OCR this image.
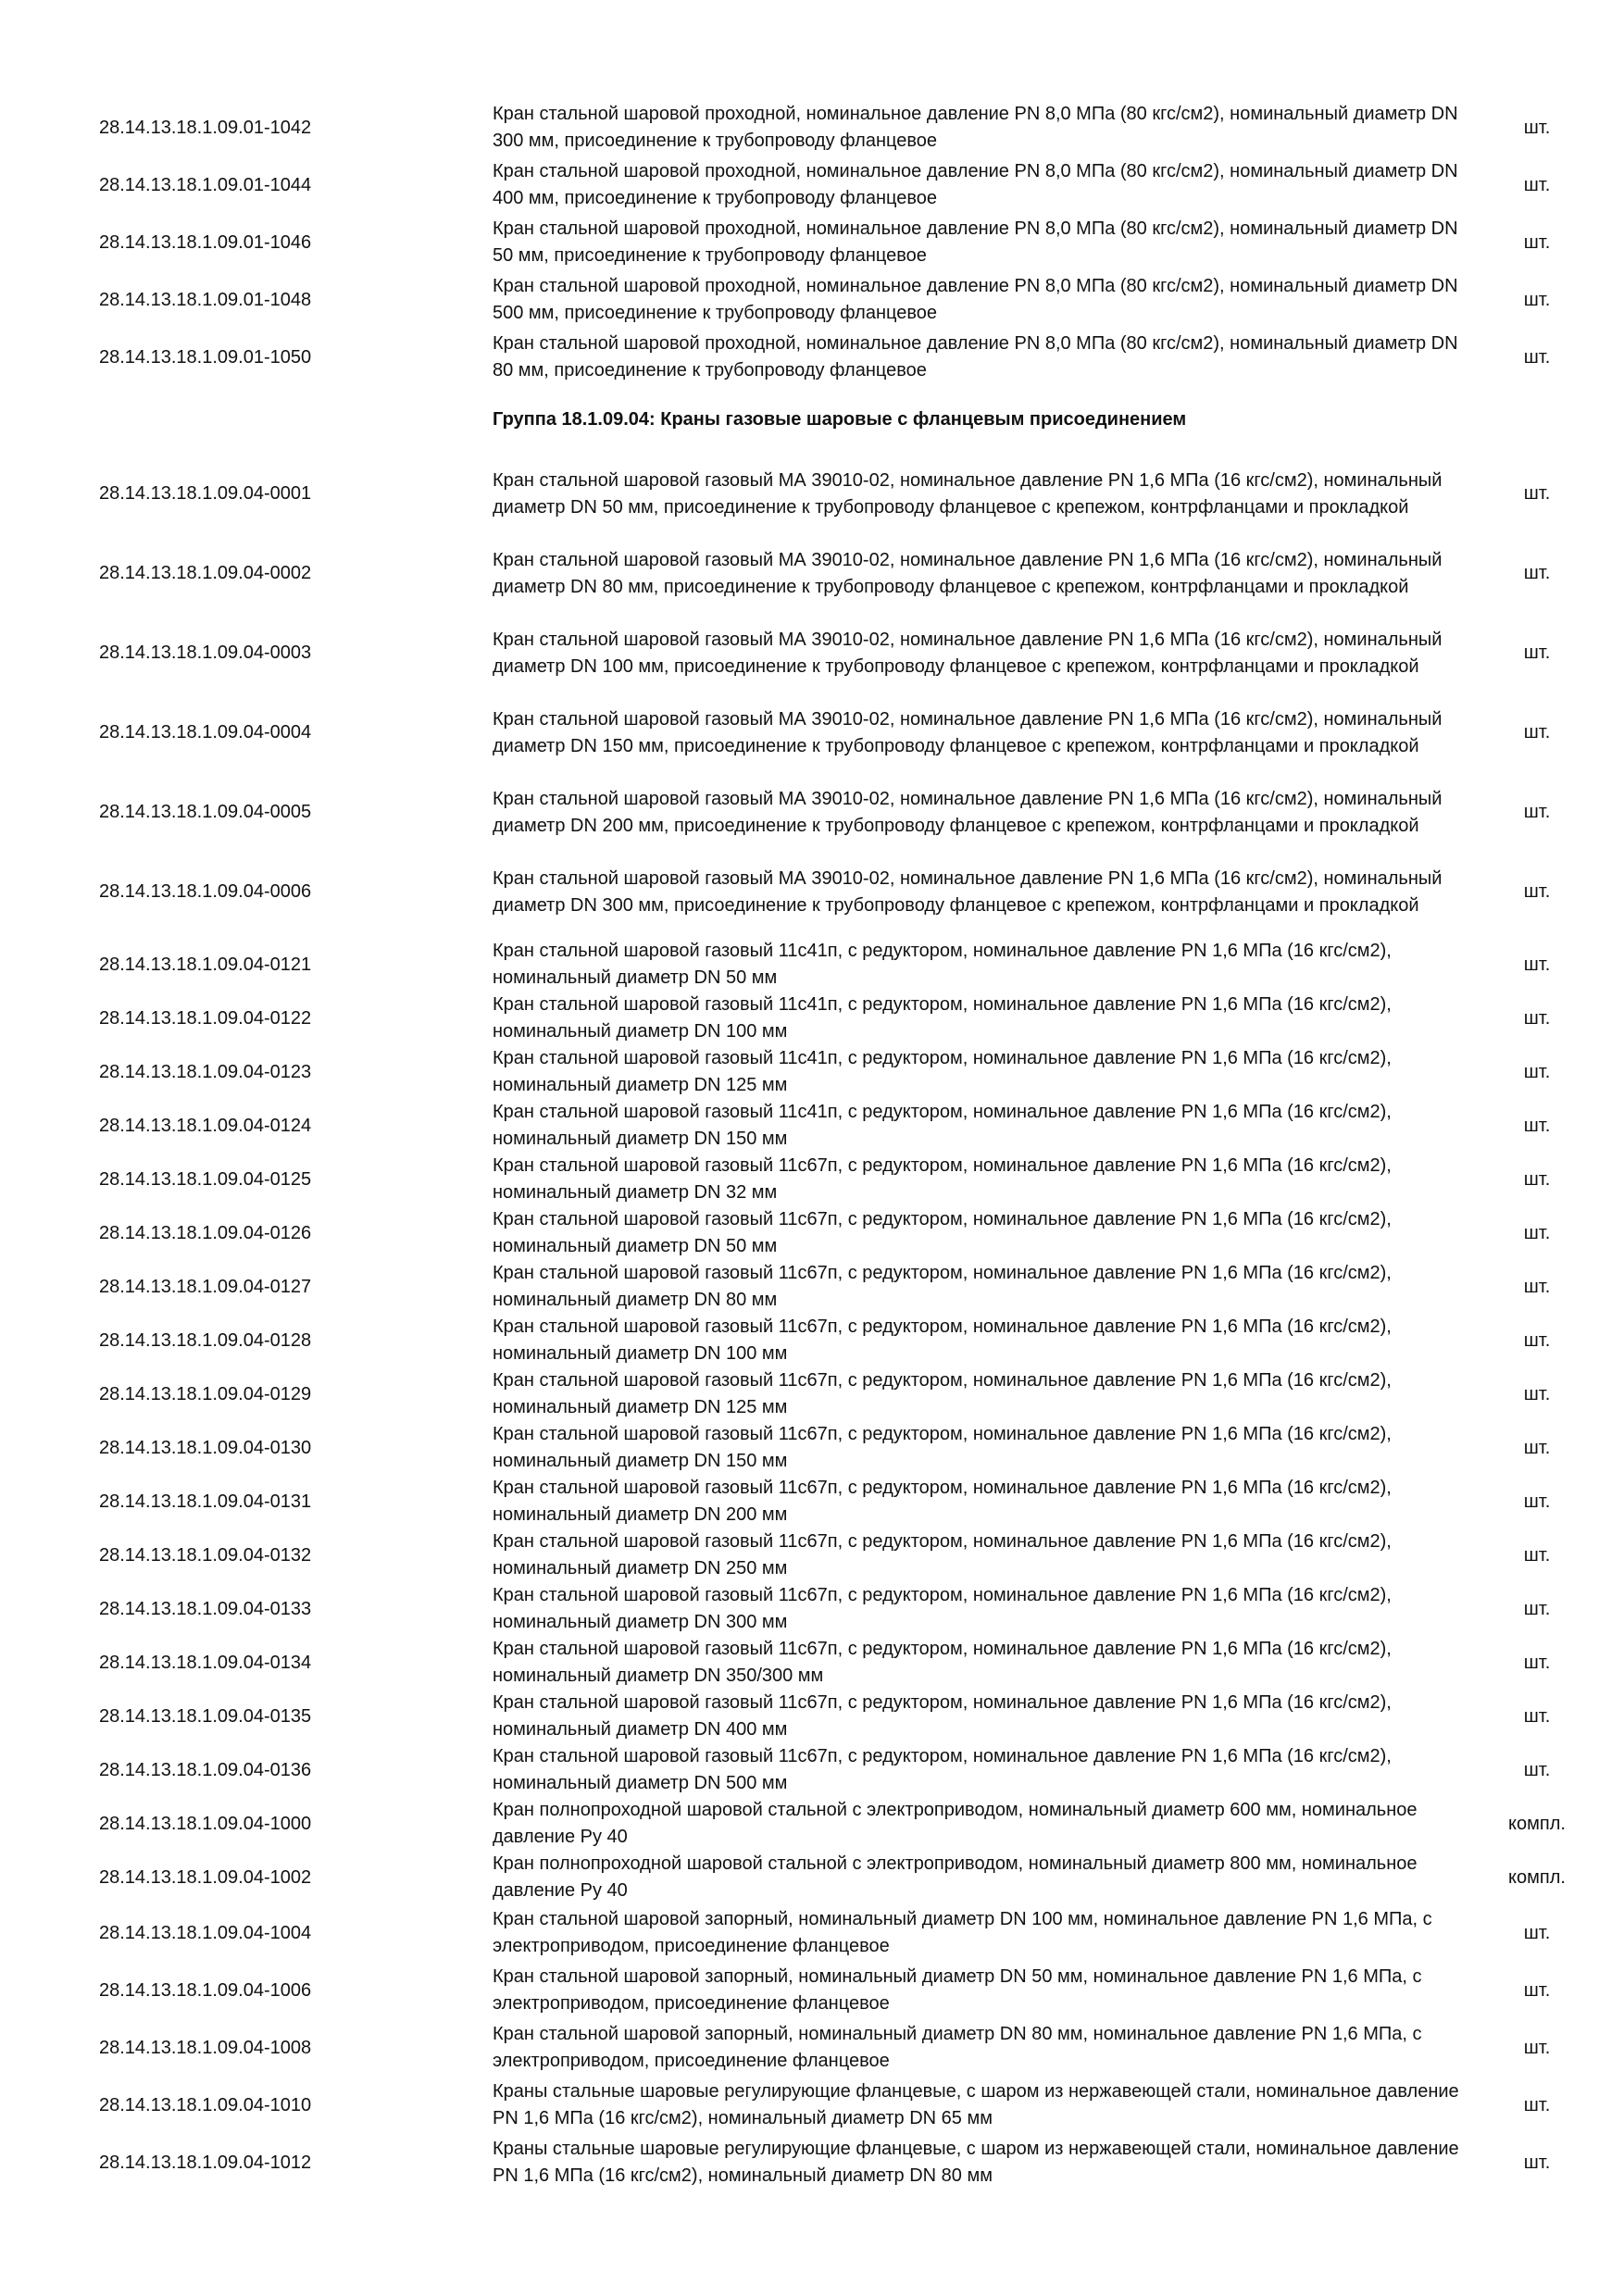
Группа 18.1.09.04: Краны газовые шаровые с фланцевым присоединением
28.14.13.18.1.09.01-1042
Кран стальной шаровой проходной, номинальное давление PN 8,0 МПа (80 кгс/см2), номинальный диаметр DN 300 мм, присоединение к трубопроводу фланцевое
шт.
28.14.13.18.1.09.01-1044
Кран стальной шаровой проходной, номинальное давление PN 8,0 МПа (80 кгс/см2), номинальный диаметр DN 400 мм, присоединение к трубопроводу фланцевое
шт.
28.14.13.18.1.09.01-1046
Кран стальной шаровой проходной, номинальное давление PN 8,0 МПа (80 кгс/см2), номинальный диаметр DN 50 мм, присоединение к трубопроводу фланцевое
шт.
28.14.13.18.1.09.01-1048
Кран стальной шаровой проходной, номинальное давление PN 8,0 МПа (80 кгс/см2), номинальный диаметр DN 500 мм, присоединение к трубопроводу фланцевое
шт.
28.14.13.18.1.09.01-1050
Кран стальной шаровой проходной, номинальное давление PN 8,0 МПа (80 кгс/см2), номинальный диаметр DN 80 мм, присоединение к трубопроводу фланцевое
шт.
28.14.13.18.1.09.04-0001
Кран стальной шаровой газовый МА 39010-02, номинальное давление PN 1,6 МПа (16 кгс/см2), номинальный диаметр DN 50 мм, присоединение к трубопроводу фланцевое с крепежом, контрфланцами и прокладкой
шт.
28.14.13.18.1.09.04-0002
Кран стальной шаровой газовый МА 39010-02, номинальное давление PN 1,6 МПа (16 кгс/см2), номинальный диаметр DN 80 мм, присоединение к трубопроводу фланцевое с крепежом, контрфланцами и прокладкой
шт.
28.14.13.18.1.09.04-0003
Кран стальной шаровой газовый МА 39010-02, номинальное давление PN 1,6 МПа (16 кгс/см2), номинальный диаметр DN 100 мм, присоединение к трубопроводу фланцевое с крепежом, контрфланцами и прокладкой
шт.
28.14.13.18.1.09.04-0004
Кран стальной шаровой газовый МА 39010-02, номинальное давление PN 1,6 МПа (16 кгс/см2), номинальный диаметр DN 150 мм, присоединение к трубопроводу фланцевое с крепежом, контрфланцами и прокладкой
шт.
28.14.13.18.1.09.04-0005
Кран стальной шаровой газовый МА 39010-02, номинальное давление PN 1,6 МПа (16 кгс/см2), номинальный диаметр DN 200 мм, присоединение к трубопроводу фланцевое с крепежом, контрфланцами и прокладкой
шт.
28.14.13.18.1.09.04-0006
Кран стальной шаровой газовый МА 39010-02, номинальное давление PN 1,6 МПа (16 кгс/см2), номинальный диаметр DN 300 мм, присоединение к трубопроводу фланцевое с крепежом, контрфланцами и прокладкой
шт.
28.14.13.18.1.09.04-0121
Кран стальной шаровой газовый 11с41п, с редуктором, номинальное давление PN 1,6 МПа (16 кгс/см2), номинальный диаметр DN 50 мм
шт.
28.14.13.18.1.09.04-0122
Кран стальной шаровой газовый 11с41п, с редуктором, номинальное давление PN 1,6 МПа (16 кгс/см2), номинальный диаметр DN 100 мм
шт.
28.14.13.18.1.09.04-0123
Кран стальной шаровой газовый 11с41п, с редуктором, номинальное давление PN 1,6 МПа (16 кгс/см2), номинальный диаметр DN 125 мм
шт.
28.14.13.18.1.09.04-0124
Кран стальной шаровой газовый 11с41п, с редуктором, номинальное давление PN 1,6 МПа (16 кгс/см2), номинальный диаметр DN 150 мм
шт.
28.14.13.18.1.09.04-0125
Кран стальной шаровой газовый 11с67п, с редуктором, номинальное давление PN 1,6 МПа (16 кгс/см2), номинальный диаметр DN 32 мм
шт.
28.14.13.18.1.09.04-0126
Кран стальной шаровой газовый 11с67п, с редуктором, номинальное давление PN 1,6 МПа (16 кгс/см2), номинальный диаметр DN 50 мм
шт.
28.14.13.18.1.09.04-0127
Кран стальной шаровой газовый 11с67п, с редуктором, номинальное давление PN 1,6 МПа (16 кгс/см2), номинальный диаметр DN 80 мм
шт.
28.14.13.18.1.09.04-0128
Кран стальной шаровой газовый 11с67п, с редуктором, номинальное давление PN 1,6 МПа (16 кгс/см2), номинальный диаметр DN 100 мм
шт.
28.14.13.18.1.09.04-0129
Кран стальной шаровой газовый 11с67п, с редуктором, номинальное давление PN 1,6 МПа (16 кгс/см2), номинальный диаметр DN 125 мм
шт.
28.14.13.18.1.09.04-0130
Кран стальной шаровой газовый 11с67п, с редуктором, номинальное давление PN 1,6 МПа (16 кгс/см2), номинальный диаметр DN 150 мм
шт.
28.14.13.18.1.09.04-0131
Кран стальной шаровой газовый 11с67п, с редуктором, номинальное давление PN 1,6 МПа (16 кгс/см2), номинальный диаметр DN 200 мм
шт.
28.14.13.18.1.09.04-0132
Кран стальной шаровой газовый 11с67п, с редуктором, номинальное давление PN 1,6 МПа (16 кгс/см2), номинальный диаметр DN 250 мм
шт.
28.14.13.18.1.09.04-0133
Кран стальной шаровой газовый 11с67п, с редуктором, номинальное давление PN 1,6 МПа (16 кгс/см2), номинальный диаметр DN 300 мм
шт.
28.14.13.18.1.09.04-0134
Кран стальной шаровой газовый 11с67п, с редуктором, номинальное давление PN 1,6 МПа (16 кгс/см2), номинальный диаметр DN 350/300 мм
шт.
28.14.13.18.1.09.04-0135
Кран стальной шаровой газовый 11с67п, с редуктором, номинальное давление PN 1,6 МПа (16 кгс/см2), номинальный диаметр DN 400 мм
шт.
28.14.13.18.1.09.04-0136
Кран стальной шаровой газовый 11с67п, с редуктором, номинальное давление PN 1,6 МПа (16 кгс/см2), номинальный диаметр DN 500 мм
шт.
28.14.13.18.1.09.04-1000
Кран полнопроходной шаровой стальной с электроприводом, номинальный диаметр 600 мм, номинальное давление Ру 40
компл.
28.14.13.18.1.09.04-1002
Кран полнопроходной шаровой стальной с электроприводом, номинальный диаметр 800 мм, номинальное давление Ру 40
компл.
28.14.13.18.1.09.04-1004
Кран стальной шаровой запорный, номинальный диаметр DN 100 мм, номинальное давление PN 1,6 МПа, с электроприводом, присоединение фланцевое
шт.
28.14.13.18.1.09.04-1006
Кран стальной шаровой запорный, номинальный диаметр DN 50 мм, номинальное давление PN 1,6 МПа, с электроприводом, присоединение фланцевое
шт.
28.14.13.18.1.09.04-1008
Кран стальной шаровой запорный, номинальный диаметр DN 80 мм, номинальное давление PN 1,6 МПа, с электроприводом, присоединение фланцевое
шт.
28.14.13.18.1.09.04-1010
Краны стальные шаровые регулирующие фланцевые, с шаром из нержавеющей стали, номинальное давление PN 1,6 МПа (16 кгс/см2), номинальный диаметр DN 65 мм
шт.
28.14.13.18.1.09.04-1012
Краны стальные шаровые регулирующие фланцевые, с шаром из нержавеющей стали, номинальное давление PN 1,6 МПа (16 кгс/см2), номинальный диаметр DN 80 мм
шт.
